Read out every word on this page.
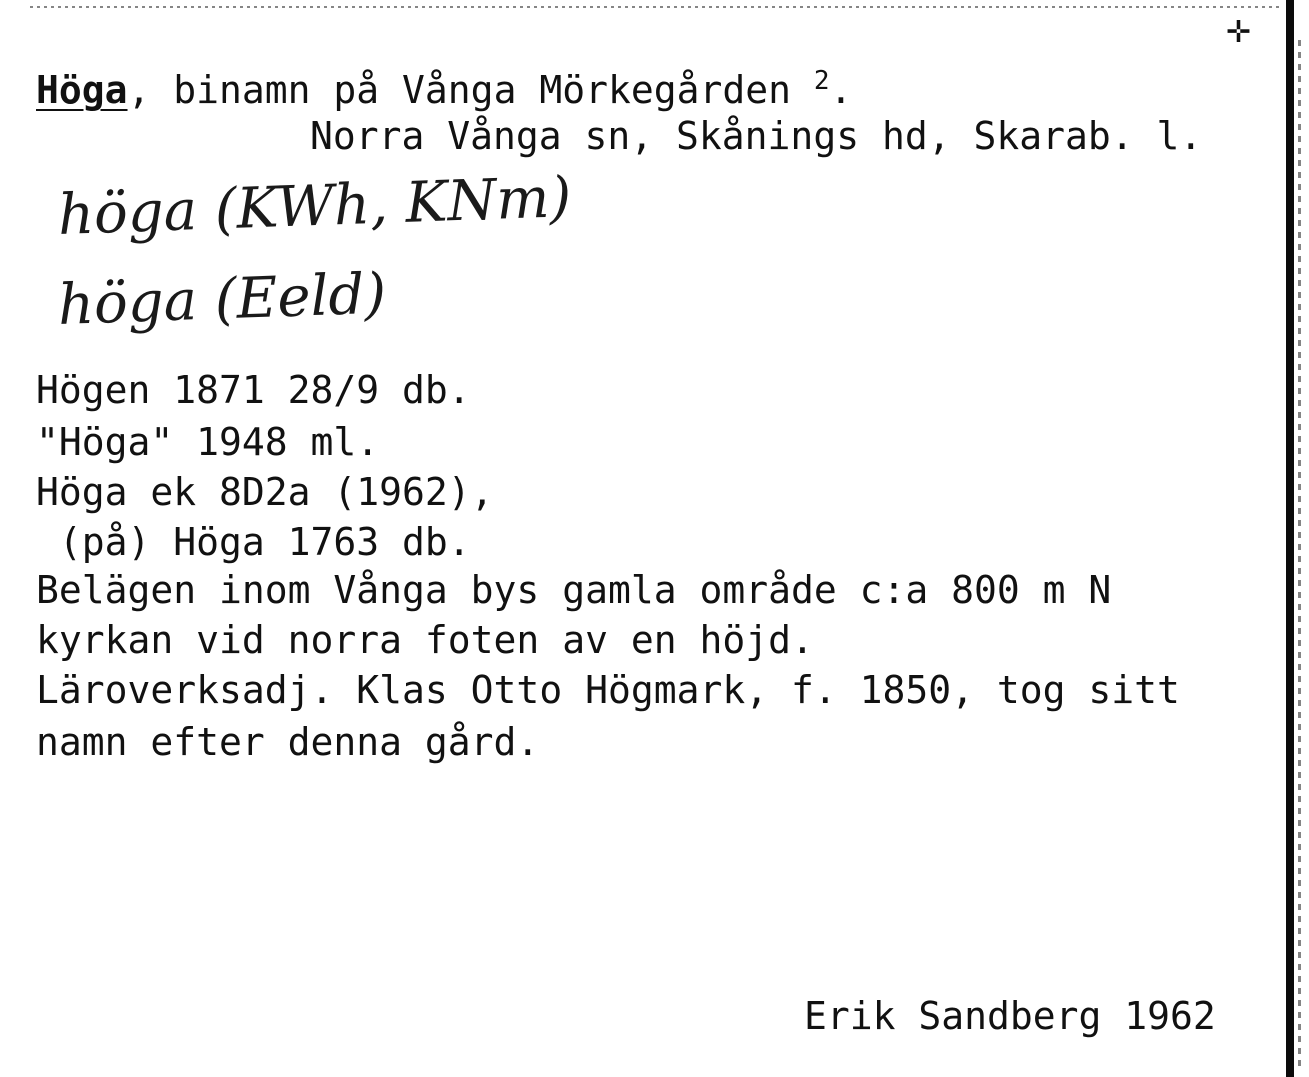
✛
Höga, binamn på Vånga Mörkegården $^2$.
Norra Vånga sn, Skånings hd, Skarab. l.
höga (KWh, KNm)
höga (Eeld)
Högen 1871 28/9 db.
"Höga" 1948 ml.
Höga ek 8D2a (1962),
(på) Höga 1763 db.
Belägen inom Vånga bys gamla område c:a 800 m N
kyrkan vid norra foten av en höjd.
Läroverksadj. Klas Otto Högmark, f. 1850, tog sitt
namn efter denna gård.
Erik Sandberg 1962
